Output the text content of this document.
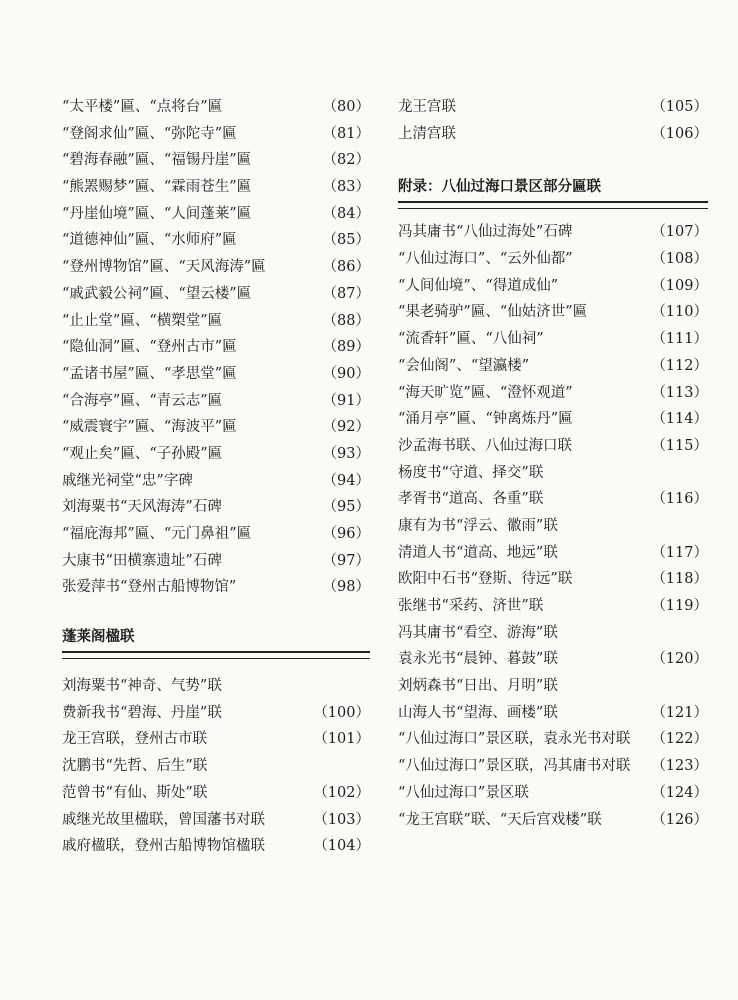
“太平楼”匾、“点将台”匾	（80）
“登阁求仙”匾、“弥陀寺”匾	（81）
“碧海春融”匾、“福锡丹崖”匾	（82）
“熊罴赐梦”匾、“霖雨苍生”匾	（83）
“丹崖仙境”匾、“人间蓬莱”匾	（84）
“道德神仙”匾、“水师府”匾	（85）
“登州博物馆”匾、“天风海涛”匾	（86）
“戚武毅公祠”匾、“望云楼”匾	（87）
“止止堂”匾、“横槊堂”匾	（88）
“隐仙洞”匾、“登州古市”匾	（89）
“孟诸书屋”匾、“孝思堂”匾	（90）
“合海亭”匾、“青云志”匾	（91）
“威震寰宇”匾、“海波平”匾	（92）
“观止矣”匾、“子孙殿”匾	（93）
戚继光祠堂“忠”字碑	（94）
刘海粟书“天风海涛”石碑	（95）
“福庇海邦”匾、“元门鼻祖”匾	（96）
大康书“田横寨遗址”石碑	（97）
张爱萍书“登州古船博物馆”	（98）
蓬莱阁楹联
刘海粟书“神奇、气势”联
费新我书“碧海、丹崖”联	（100）
龙王宫联，登州古市联	（101）
沈鹏书“先哲、后生”联
范曾书“有仙、斯处”联	（102）
戚继光故里楹联，曾国藩书对联	（103）
戚府楹联，登州古船博物馆楹联	（104）
龙王宫联	（105）
上清宫联	（106）
附录：八仙过海口景区部分匾联
冯其庸书“八仙过海处”石碑	（107）
“八仙过海口”、“云外仙都”	（108）
“人间仙境”、“得道成仙”	（109）
“果老骑驴”匾、“仙姑济世”匾	（110）
“流香轩”匾、“八仙祠”	（111）
“会仙阁”、“望瀛楼”	（112）
“海天旷览”匾、“澄怀观道”	（113）
“涌月亭”匾、“钟离炼丹”匾	（114）
沙孟海书联、八仙过海口联	（115）
杨度书“守道、择交”联
孝胥书“道高、各重”联	（116）
康有为书“浮云、徽雨”联
清道人书“道高、地远”联	（117）
欧阳中石书“登斯、待远”联	（118）
张继书“采药、济世”联	（119）
冯其庸书“看空、游海”联
袁永光书“晨钟、暮鼓”联	（120）
刘炳森书“日出、月明”联
山海人书“望海、画楼”联	（121）
“八仙过海口”景区联，袁永光书对联 （122）
“八仙过海口”景区联，冯其庸书对联 （123）
“八仙过海口”景区联	（124）
“龙王宫联”联、“天后宫戏楼”联	（126）
